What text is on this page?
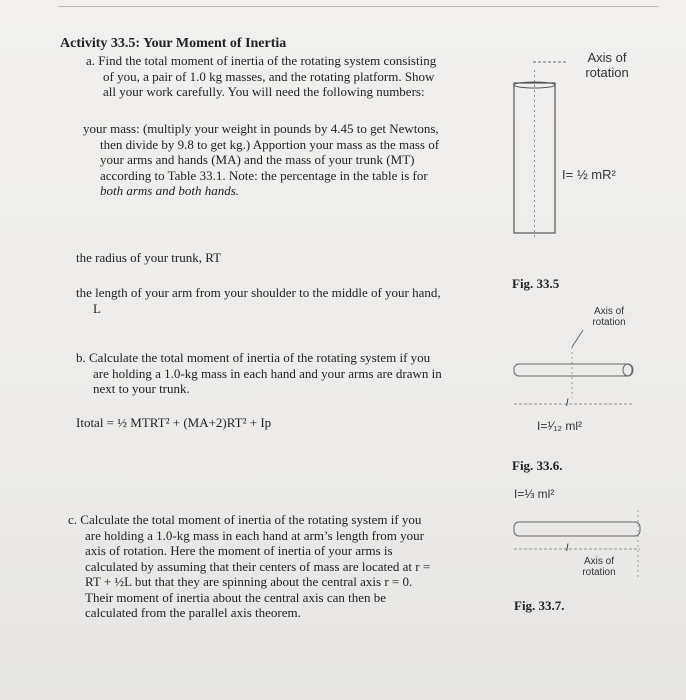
Activity 33.5: Your Moment of Inertia
a. Find the total moment of inertia of the rotating system consisting
of you, a pair of 1.0 kg masses, and the rotating platform. Show
all your work carefully. You will need the following numbers:
your mass: (multiply your weight in pounds by 4.45 to get Newtons,
then divide by 9.8 to get kg.) Apportion your mass as the mass of
your arms and hands (MA) and the mass of your trunk (MT)
according to Table 33.1. Note: the percentage in the table is for
both arms and both hands.
the radius of your trunk, RT
the length of your arm from your shoulder to the middle of your hand,
L
b. Calculate the total moment of inertia of the rotating system if you
are holding a 1.0-kg mass in each hand and your arms are drawn in
next to your trunk.
Itotal = ½ MTRT² + (MA+2)RT² + Ip
c. Calculate the total moment of inertia of the rotating system if you
are holding a 1.0-kg mass in each hand at arm’s length from your
axis of rotation. Here the moment of inertia of your arms is
calculated by assuming that their centers of mass are located at r =
RT + ½L but that they are spinning about the central axis r = 0.
Their moment of inertia about the central axis can then be
calculated from the parallel axis theorem.
Axis of
rotation
I= ½ mR²
Fig. 33.5
Axis of
rotation
l
I=¹⁄₁₂ ml²
Fig. 33.6.
I=⅓ ml²
l
Axis of
rotation
Fig. 33.7.
